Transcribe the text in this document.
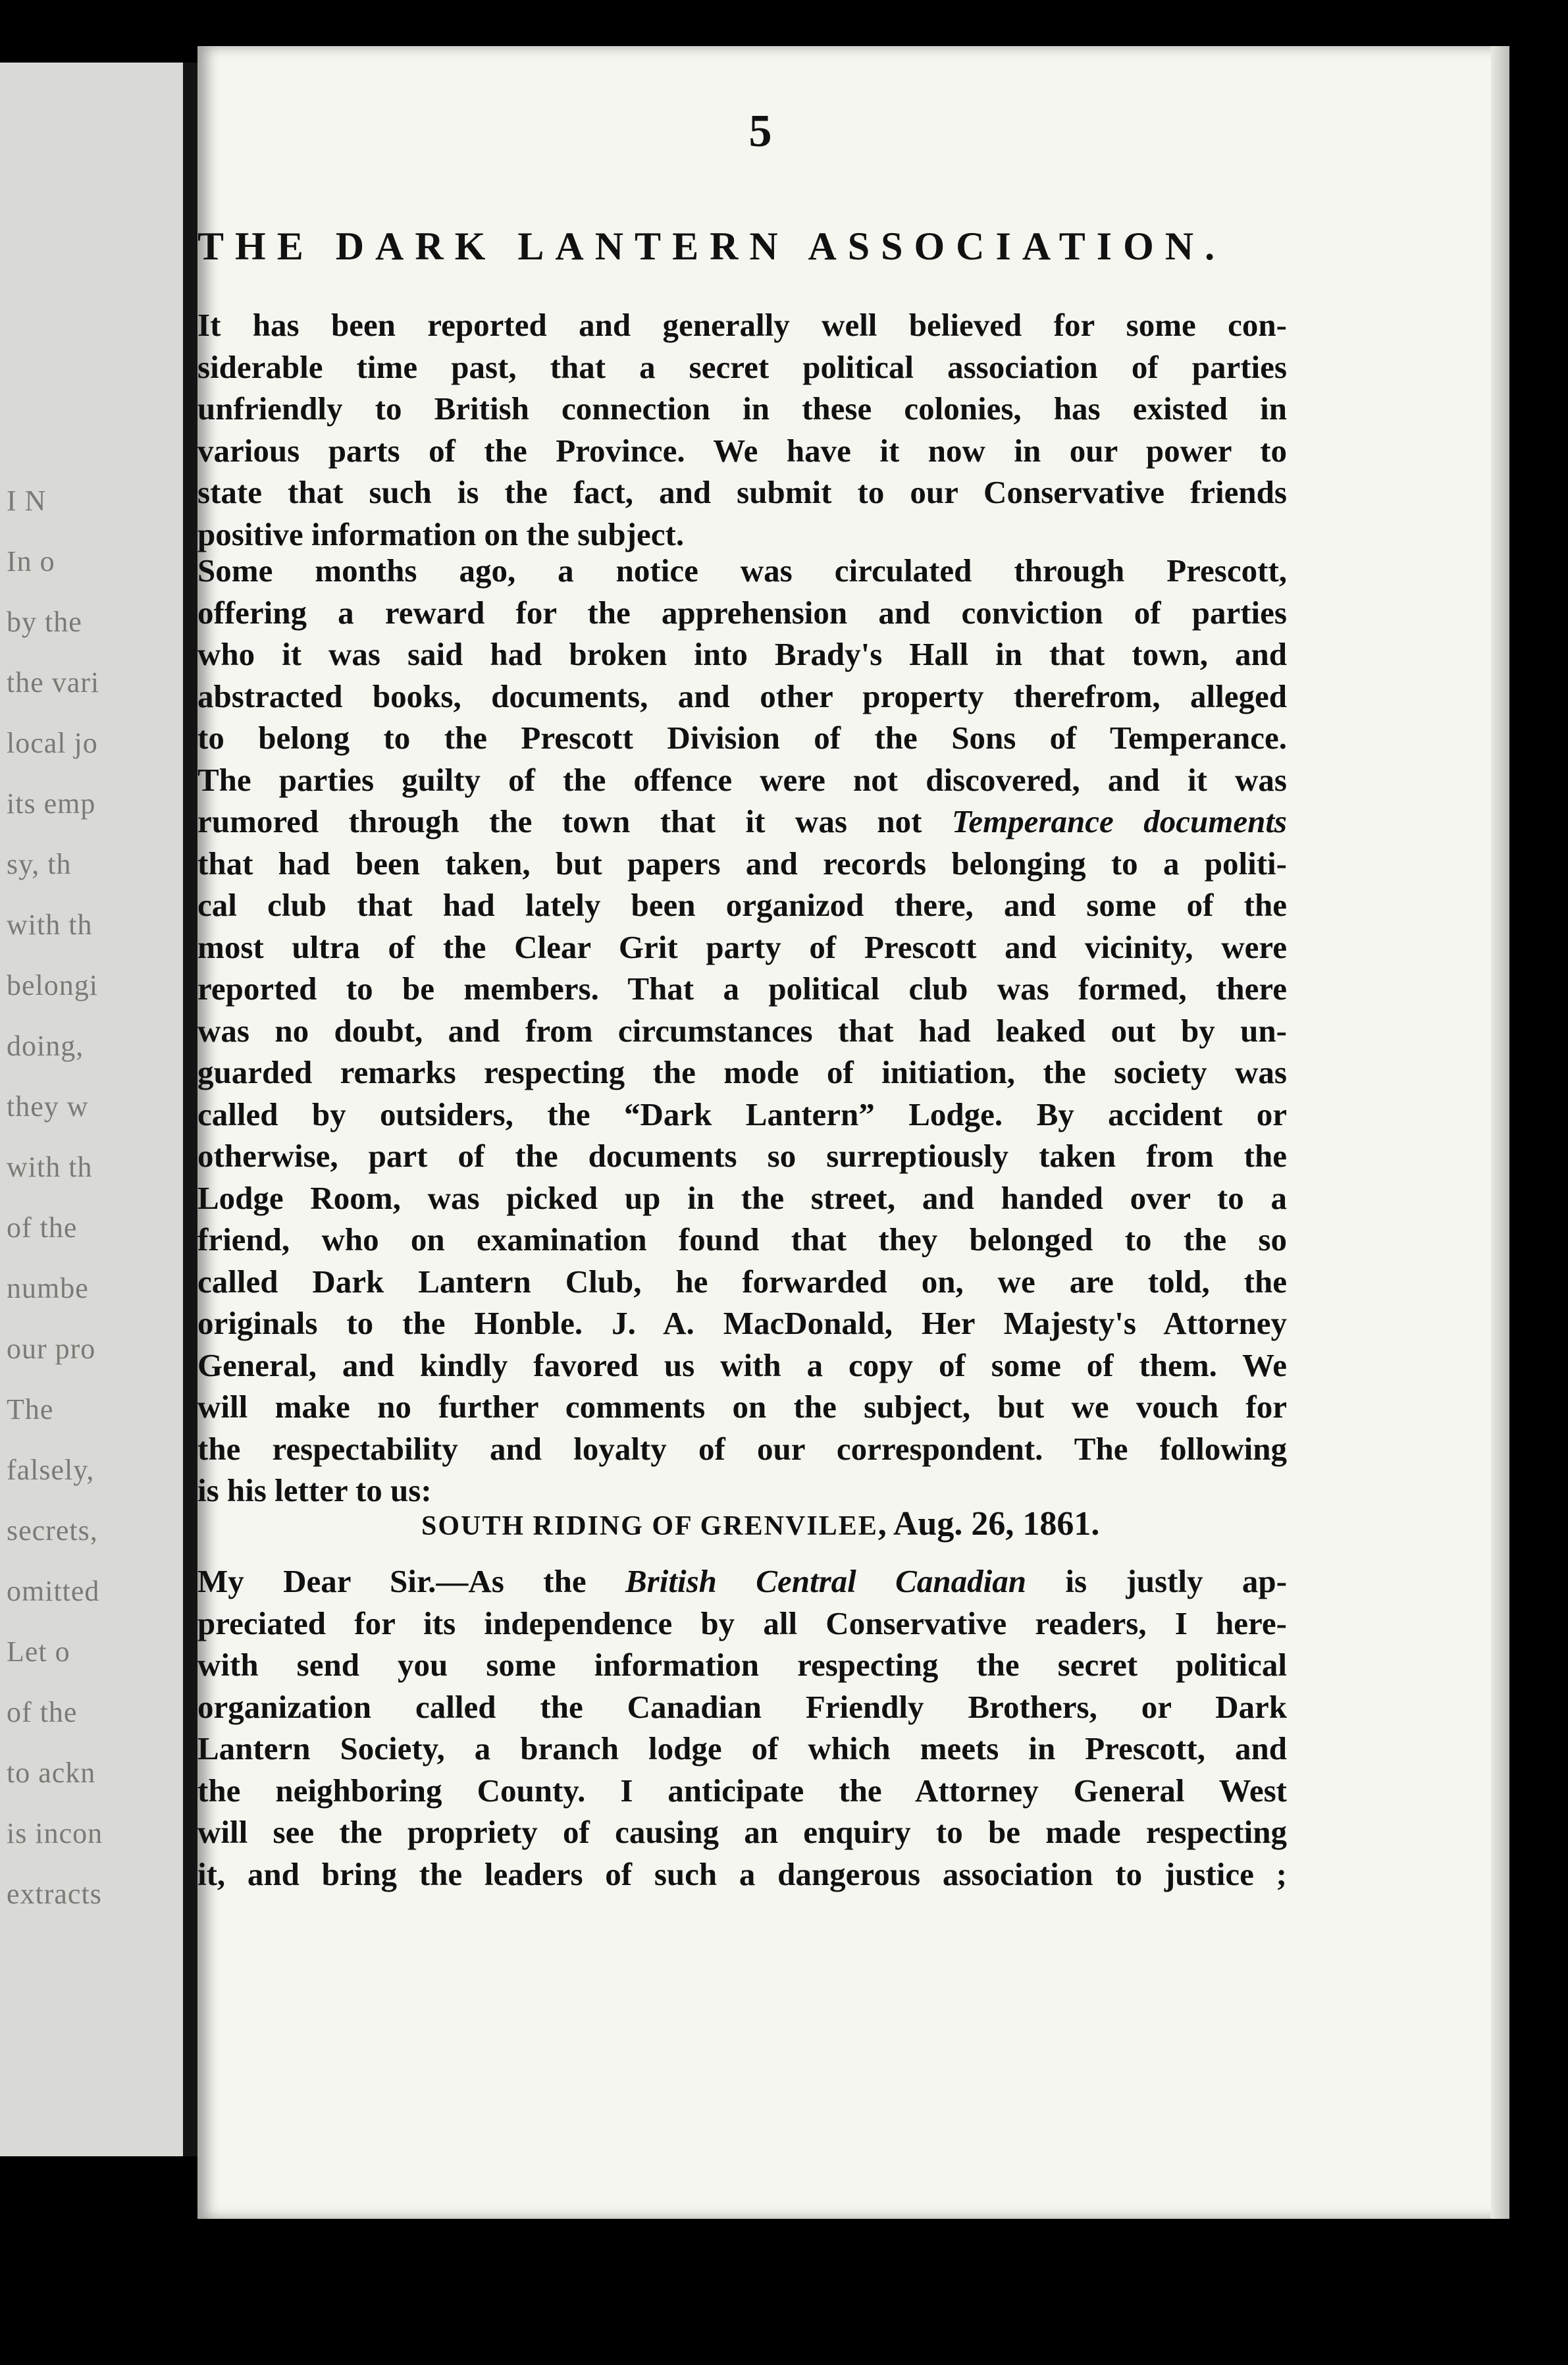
I N
In o
by the
the vari
local jo
its emp
sy, th
with th
belongi
doing,
they w
with th
of the
numbe
our pro
The
falsely,
secrets,
omitted
Let o
of the
to ackn
is incon
extracts
5
THE DARK LANTERN ASSOCIATION.
It has been reported and generally well believed for some con-
siderable time past, that a secret political association of parties
unfriendly to British connection in these colonies, has existed in
various parts of the Province. We have it now in our power to
state that such is the fact, and submit to our Conservative friends
positive information on the subject.
Some months ago, a notice was circulated through Prescott,
offering a reward for the apprehension and conviction of parties
who it was said had broken into Brady's Hall in that town, and
abstracted books, documents, and other property therefrom, alleged
to belong to the Prescott Division of the Sons of Temperance.
The parties guilty of the offence were not discovered, and it was
rumored through the town that it was not Temperance documents
that had been taken, but papers and records belonging to a politi-
cal club that had lately been organizod there, and some of the
most ultra of the Clear Grit party of Prescott and vicinity, were
reported to be members. That a political club was formed, there
was no doubt, and from circumstances that had leaked out by un-
guarded remarks respecting the mode of initiation, the society was
called by outsiders, the “Dark Lantern” Lodge. By accident or
otherwise, part of the documents so surreptiously taken from the
Lodge Room, was picked up in the street, and handed over to a
friend, who on examination found that they belonged to the so
called Dark Lantern Club, he forwarded on, we are told, the
originals to the Honble. J. A. MacDonald, Her Majesty's Attorney
General, and kindly favored us with a copy of some of them. We
will make no further comments on the subject, but we vouch for
the respectability and loyalty of our correspondent. The following
is his letter to us:
SOUTH RIDING OF GRENVILEE, Aug. 26, 1861.
My Dear Sir.—As the British Central Canadian is justly ap-
preciated for its independence by all Conservative readers, I here-
with send you some information respecting the secret political
organization called the Canadian Friendly Brothers, or Dark
Lantern Society, a branch lodge of which meets in Prescott, and
the neighboring County. I anticipate the Attorney General West
will see the propriety of causing an enquiry to be made respecting
it, and bring the leaders of such a dangerous association to justice ;
